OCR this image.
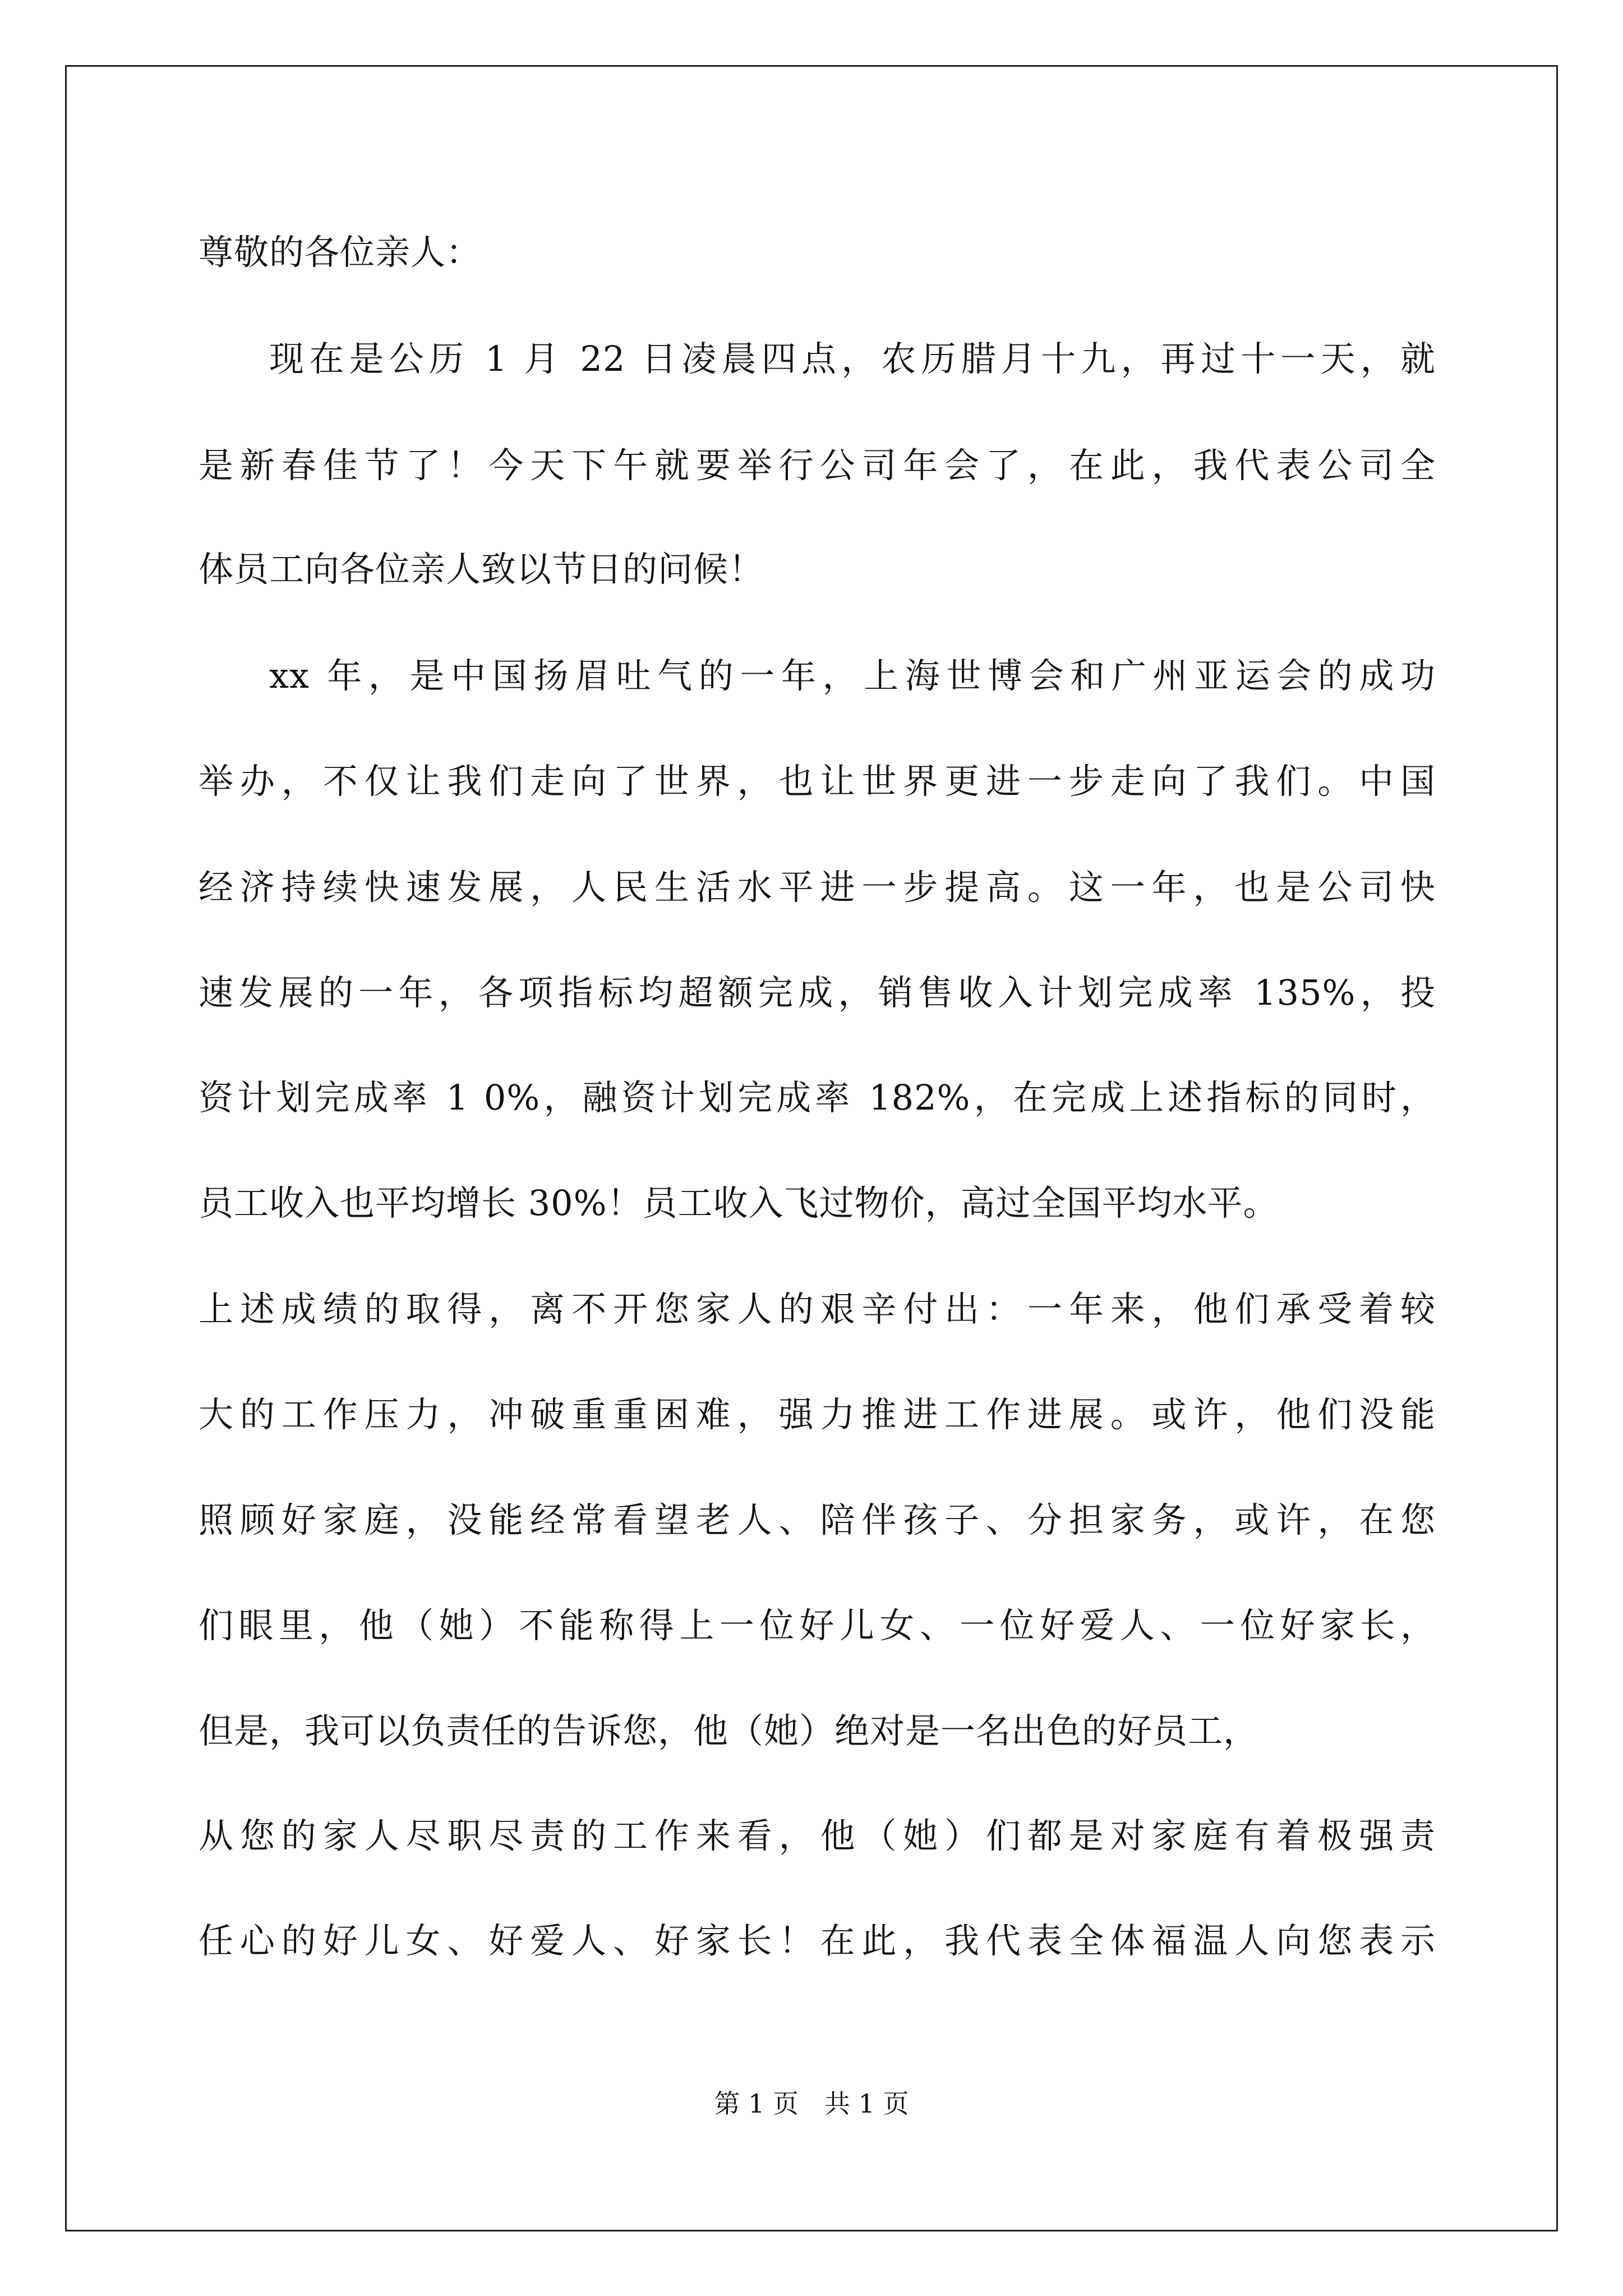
尊敬的各位亲人：
现在是公历 1 月 22 日凌晨四点，农历腊月十九，再过十一天，就
是新春佳节了！今天下午就要举行公司年会了，在此，我代表公司全
体员工向各位亲人致以节日的问候！
xx 年，是中国扬眉吐气的一年，上海世博会和广州亚运会的成功
举办，不仅让我们走向了世界，也让世界更进一步走向了我们。中国
经济持续快速发展，人民生活水平进一步提高。这一年，也是公司快
速发展的一年，各项指标均超额完成，销售收入计划完成率 135%，投
资计划完成率 1 0%，融资计划完成率 182%，在完成上述指标的同时，
员工收入也平均增长 30%！员工收入飞过物价，高过全国平均水平。
上述成绩的取得，离不开您家人的艰辛付出：一年来，他们承受着较
大的工作压力，冲破重重困难，强力推进工作进展。或许，他们没能
照顾好家庭，没能经常看望老人、陪伴孩子、分担家务，或许，在您
们眼里，他（她）不能称得上一位好儿女、一位好爱人、一位好家长，
但是，我可以负责任的告诉您，他（她）绝对是一名出色的好员工，
从您的家人尽职尽责的工作来看，他（她）们都是对家庭有着极强责
任心的好儿女、好爱人、好家长！在此，我代表全体福温人向您表示
第 1 页　共 1 页
